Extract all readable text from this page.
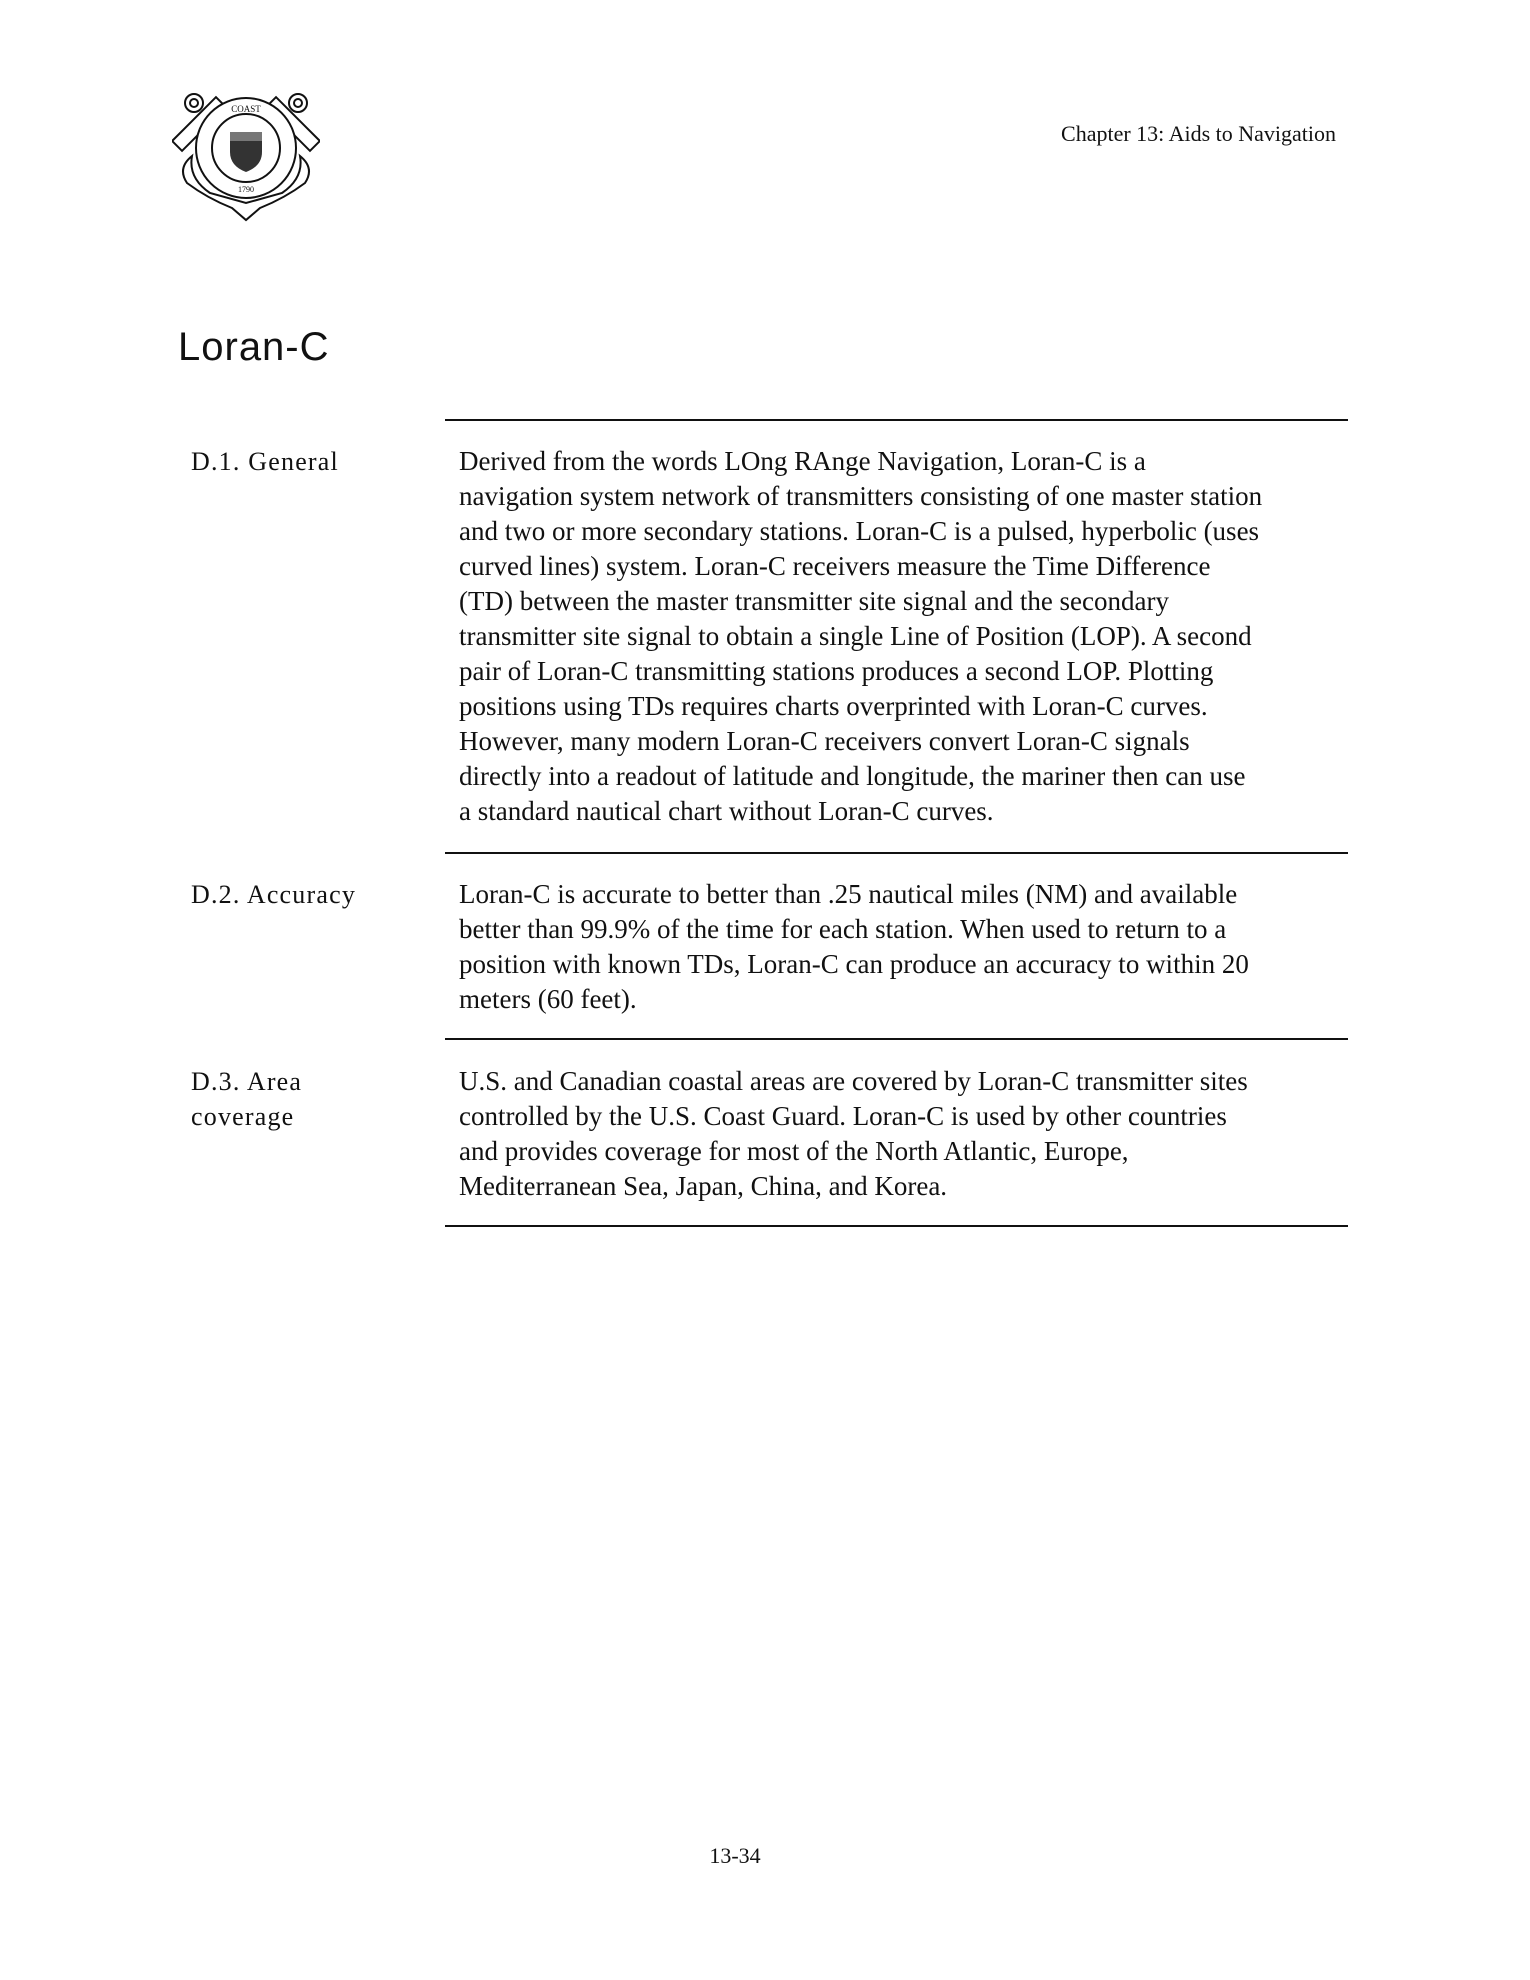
COAST
1790
Chapter 13: Aids to Navigation
Loran-C
D.1. General	Derived from the words LOng RAnge Navigation, Loran-C is a
navigation system network of transmitters consisting of one master station
and two or more secondary stations. Loran-C is a pulsed, hyperbolic (uses
curved lines) system. Loran-C receivers measure the Time Difference
(TD) between the master transmitter site signal and the secondary
transmitter site signal to obtain a single Line of Position (LOP). A second
pair of Loran-C transmitting stations produces a second LOP. Plotting
positions using TDs requires charts overprinted with Loran-C curves.
However, many modern Loran-C receivers convert Loran-C signals
directly into a readout of latitude and longitude, the mariner then can use
a standard nautical chart without Loran-C curves.
D.2. Accuracy	Loran-C is accurate to better than .25 nautical miles (NM) and available
better than 99.9% of the time for each station. When used to return to a
position with known TDs, Loran-C can produce an accuracy to within 20
meters (60 feet).
D.3. Area
coverage
U.S. and Canadian coastal areas are covered by Loran-C transmitter sites
controlled by the U.S. Coast Guard. Loran-C is used by other countries
and provides coverage for most of the North Atlantic, Europe,
Mediterranean Sea, Japan, China, and Korea.
13-34
